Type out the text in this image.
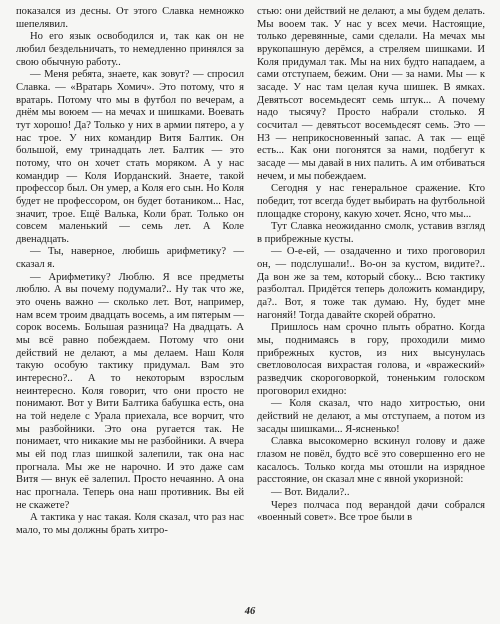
показался из десны. От этого Славка немножко шепелявил.

Но его язык освободился и, так как он не любил бездельничать, то немедленно принялся за свою обычную работу..

— Меня ребята, знаете, как зовут? — спросил Славка. — «Вратарь Хомич». Это потому, что я вратарь. Потому что мы в футбол по вечерам, а днём мы воюем — на мечах и шишками. Воевать тут хорошо! Да? Только у них в армии пятеро, а у нас трое. У них командир Витя Балтик. Он большой, ему тринадцать лет. Балтик — это потому, что он хочет стать моряком. А у нас командир — Коля Иорданский. Знаете, такой профессор был. Он умер, а Коля его сын. Но Коля будет не профессором, он будет ботаником... Нас, значит, трое. Ещё Валька, Коли брат. Только он совсем маленький — семь лет. А Коле двенадцать.

— Ты, наверное, любишь арифметику? — сказал я.

— Арифметику? Люблю. Я все предметы люблю. А вы почему подумали?.. Ну так что же, это очень важно — сколько лет. Вот, например, нам всем троим двадцать восемь, а им пятерым — сорок восемь. Большая разница? На двадцать. А мы всё равно побеждаем. Потому что они действий не делают, а мы делаем. Наш Коля такую особую тактику придумал. Вам это интересно?.. А то некоторым взрослым неинтересно. Коля говорит, что они просто не понимают. Вот у Вити Балтика бабушка есть, она на той неделе с Урала приехала, все ворчит, что мы разбойники. Это она ругается так. Не понимает, что никакие мы не разбойники. А вчера мы ей под глаз шишкой залепили, так она нас прогнала. Мы же не нарочно. И это даже сам Витя — внук её залепил. Просто нечаянно. А она нас прогнала. Теперь она наш противник. Вы ей не скажете?

А тактика у нас такая. Коля сказал, что раз нас мало, то мы должны брать хитро-

стью: они действий не делают, а мы будем делать. Мы вооем так. У нас у всех мечи. Настоящие, только деревянные, сами сделали. На мечах мы врукопашную дерёмся, а стреляем шишками. И Коля придумал так. Мы на них будто нападаем, а сами отступаем, бежим. Они — за нами. Мы — к засаде. У нас там целая куча шишек. В ямках. Девятьсот восемьдесят семь штук... А почему надо тысячу? Просто набрали столько. Я сосчитал — девятьсот восемьдесят семь. Это — НЗ — неприкосновенный запас. А так — ещё есть... Как они погонятся за нами, подбегут к засаде — мы давай в них палить. А им отбиваться нечем, и мы побеждаем.

Сегодня у нас генеральное сражение. Кто победит, тот всегда будет выбирать на футбольной площадке сторону, какую хочет. Ясно, что мы...

Тут Славка неожиданно смолк, уставив взгляд в прибрежные кусты.

— О-е-ей, — озадаченно и тихо проговорил он, — подслушали!.. Во-он за кустом, видите?.. Да вон же за тем, который сбоку... Всю тактику разболтал. Придётся теперь доложить командиру, да?.. Вот, я тоже так думаю. Ну, будет мне нагоняй! Тогда давайте скорей обратно.

Пришлось нам срочно плыть обратно. Когда мы, поднимаясь в гору, проходили мимо прибрежных кустов, из них высунулась светловолосая вихрастая голова, и «вражеский» разведчик скороговоркой, тоненьким голоском проговорил ехидно:

— Коля сказал, что надо хитростью, они действий не делают, а мы отступаем, а потом из засады шишками... Я-ясненько!

Славка высокомерно вскинул голову и даже глазом не повёл, будто всё это совершенно его не касалось. Только когда мы отошли на изрядное расстояние, он сказал мне с явной укоризной:

— Вот. Видали?..

Через полчаса под верандой дачи собрался «военный совет». Все трое были в

46
